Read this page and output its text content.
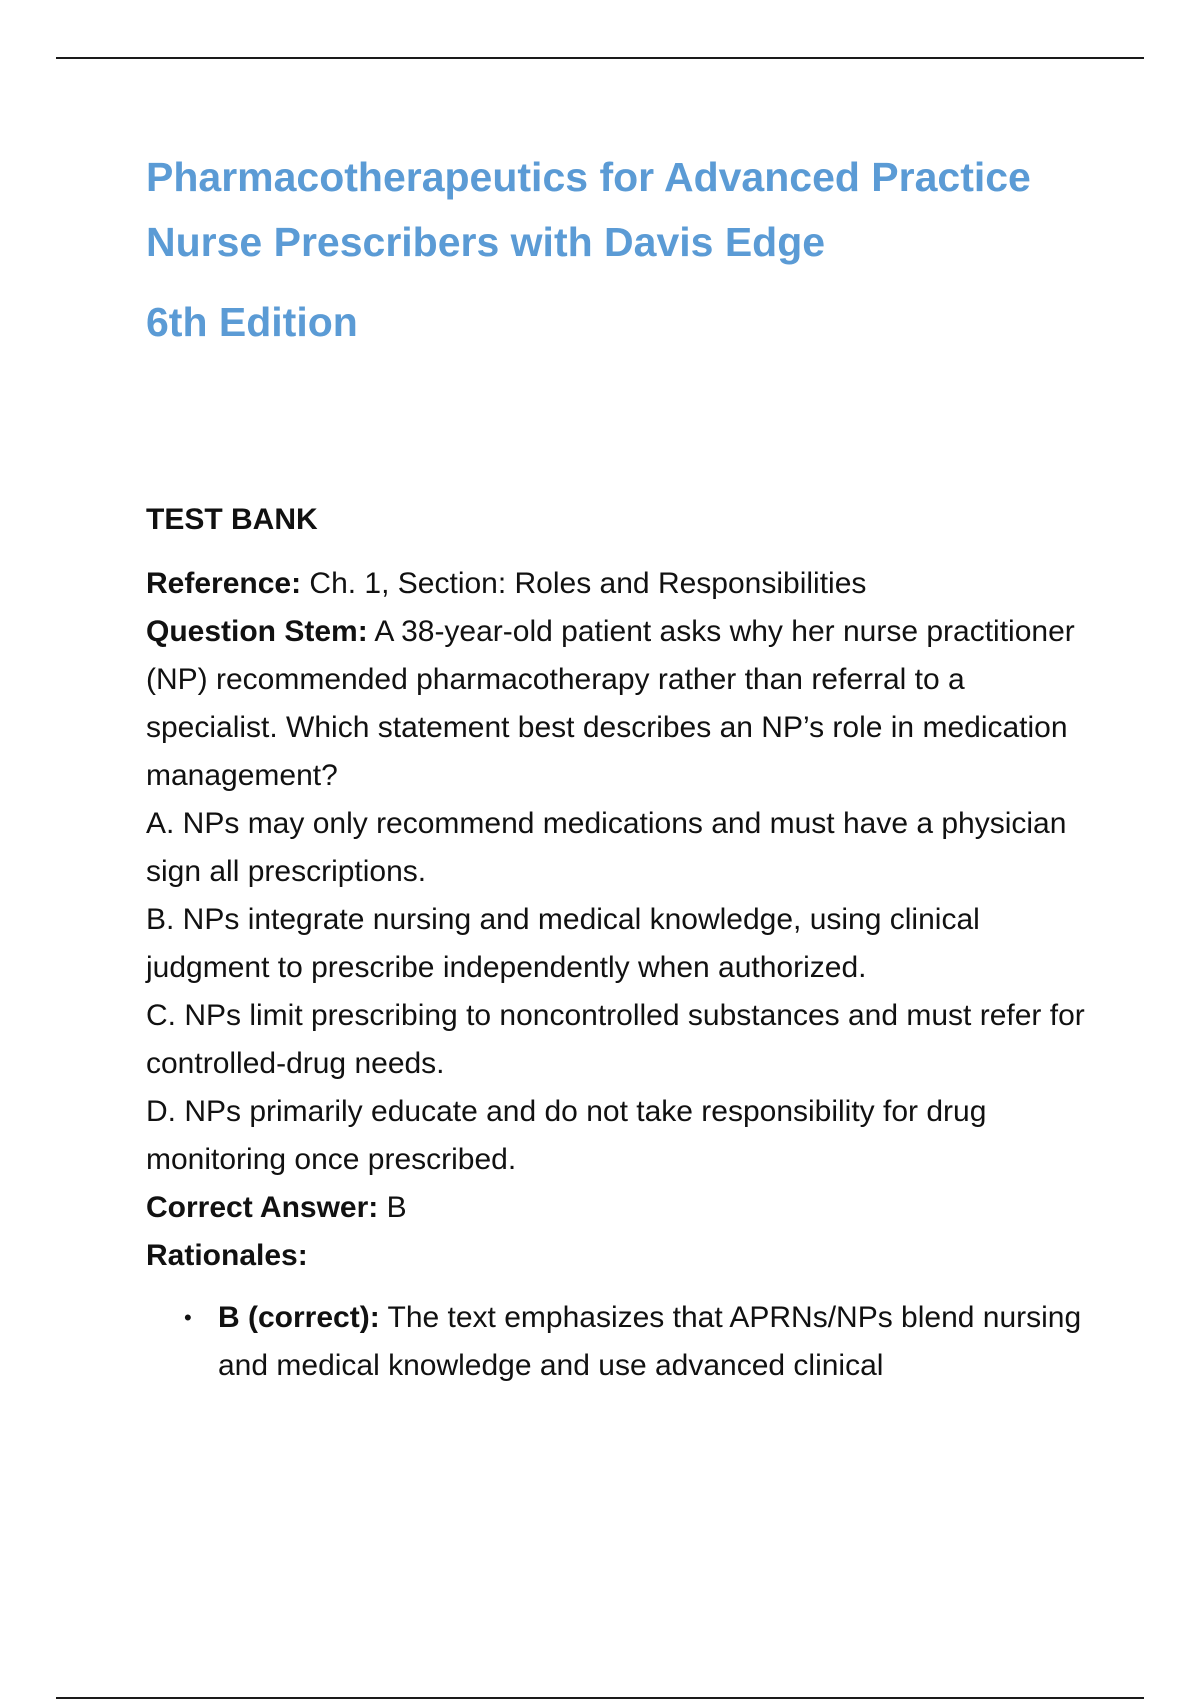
Pharmacotherapeutics for Advanced Practice
Nurse Prescribers with Davis Edge
6th Edition

TEST BANK

Reference: Ch. 1, Section: Roles and Responsibilities

Question Stem: A 38-year-old patient asks why her nurse practitioner (NP) recommended pharmacotherapy rather than referral to a specialist. Which statement best describes an NP’s role in medication management?

A. NPs may only recommend medications and must have a physician sign all prescriptions.

B. NPs integrate nursing and medical knowledge, using clinical judgment to prescribe independently when authorized.

C. NPs limit prescribing to noncontrolled substances and must refer for controlled-drug needs.

D. NPs primarily educate and do not take responsibility for drug monitoring once prescribed.

Correct Answer: B

Rationales:

• B (correct): The text emphasizes that APRNs/NPs blend nursing and medical knowledge and use advanced clinical
